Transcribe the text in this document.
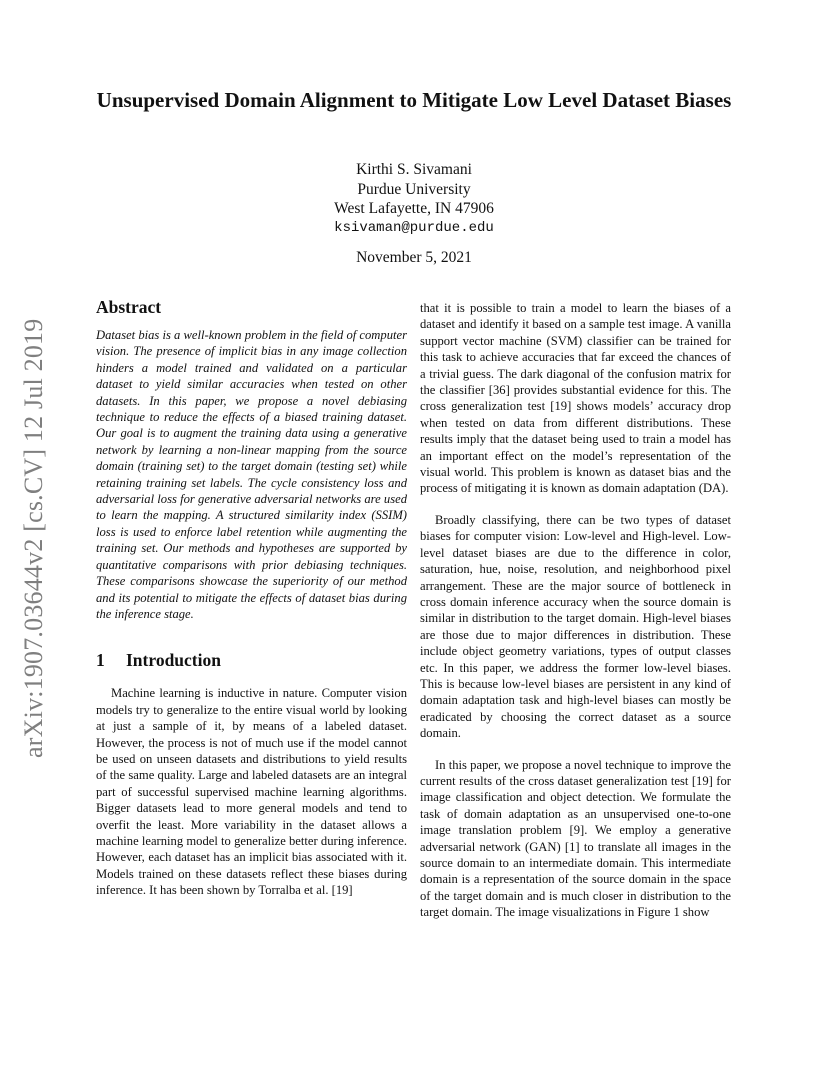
arXiv:1907.03644v2 [cs.CV] 12 Jul 2019
Unsupervised Domain Alignment to Mitigate Low Level Dataset Biases
Kirthi S. Sivamani
Purdue University
West Lafayette, IN 47906
ksivaman@purdue.edu
November 5, 2021
Abstract

Dataset bias is a well-known problem in the field of computer vision. The presence of implicit bias in any image collection hinders a model trained and validated on a particular dataset to yield similar accuracies when tested on other datasets. In this paper, we propose a novel debiasing technique to reduce the effects of a biased training dataset. Our goal is to augment the training data using a generative network by learning a non-linear mapping from the source domain (training set) to the target domain (testing set) while retaining training set labels. The cycle consistency loss and adversarial loss for generative adversarial networks are used to learn the mapping. A structured similarity index (SSIM) loss is used to enforce label retention while augmenting the training set. Our methods and hypotheses are supported by quantitative comparisons with prior debiasing techniques. These comparisons showcase the superiority of our method and its potential to mitigate the effects of dataset bias during the inference stage.

1 Introduction

Machine learning is inductive in nature. Computer vision models try to generalize to the entire visual world by looking at just a sample of it, by means of a labeled dataset. However, the process is not of much use if the model cannot be used on unseen datasets and distributions to yield results of the same quality. Large and labeled datasets are an integral part of successful supervised machine learning algorithms. Bigger datasets lead to more general models and tend to overfit the least. More variability in the dataset allows a machine learning model to generalize better during inference. However, each dataset has an implicit bias associated with it. Models trained on these datasets reflect these biases during inference. It has been shown by Torralba et al. [19]

that it is possible to train a model to learn the biases of a dataset and identify it based on a sample test image. A vanilla support vector machine (SVM) classifier can be trained for this task to achieve accuracies that far exceed the chances of a trivial guess. The dark diagonal of the confusion matrix for the classifier [36] provides substantial evidence for this. The cross generalization test [19] shows models’ accuracy drop when tested on data from different distributions. These results imply that the dataset being used to train a model has an important effect on the model’s representation of the visual world. This problem is known as dataset bias and the process of mitigating it is known as domain adaptation (DA).

Broadly classifying, there can be two types of dataset biases for computer vision: Low-level and High-level. Low-level dataset biases are due to the difference in color, saturation, hue, noise, resolution, and neighborhood pixel arrangement. These are the major source of bottleneck in cross domain inference accuracy when the source domain is similar in distribution to the target domain. High-level biases are those due to major differences in distribution. These include object geometry variations, types of output classes etc. In this paper, we address the former low-level biases. This is because low-level biases are persistent in any kind of domain adaptation task and high-level biases can mostly be eradicated by choosing the correct dataset as a source domain.

In this paper, we propose a novel technique to improve the current results of the cross dataset generalization test [19] for image classification and object detection. We formulate the task of domain adaptation as an unsupervised one-to-one image translation problem [9]. We employ a generative adversarial network (GAN) [1] to translate all images in the source domain to an intermediate domain. This intermediate domain is a representation of the source domain in the space of the target domain and is much closer in distribution to the target domain. The image visualizations in Figure 1 show
